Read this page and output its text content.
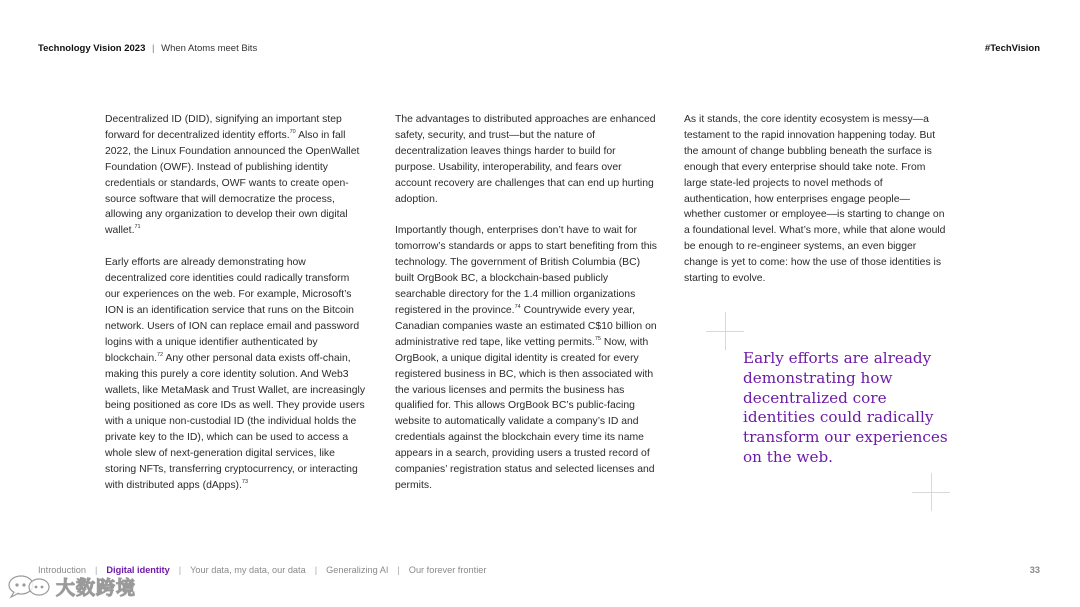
Technology Vision 2023 | When Atoms meet Bits	#TechVision

Decentralized ID (DID), signifying an important step forward for decentralized identity efforts.$^{70}$ Also in fall 2022, the Linux Foundation announced the OpenWallet Foundation (OWF). Instead of publishing identity credentials or standards, OWF wants to create open-source software that will democratize the process, allowing any organization to develop their own digital wallet.$^{71}$

Early efforts are already demonstrating how decentralized core identities could radically transform our experiences on the web. For example, Microsoft’s ION is an identification service that runs on the Bitcoin network. Users of ION can replace email and password logins with a unique identifier authenticated by blockchain.$^{72}$ Any other personal data exists off-chain, making this purely a core identity solution. And Web3 wallets, like MetaMask and Trust Wallet, are increasingly being positioned as core IDs as well. They provide users with a unique non-custodial ID (the individual holds the private key to the ID), which can be used to access a whole slew of next-generation digital services, like storing NFTs, transferring cryptocurrency, or interacting with distributed apps (dApps).$^{73}$

The advantages to distributed approaches are enhanced safety, security, and trust—but the nature of decentralization leaves things harder to build for purpose. Usability, interoperability, and fears over account recovery are challenges that can end up hurting adoption.

Importantly though, enterprises don’t have to wait for tomorrow’s standards or apps to start benefiting from this technology. The government of British Columbia (BC) built OrgBook BC, a blockchain-based publicly searchable directory for the 1.4 million organizations registered in the province.$^{74}$ Countrywide every year, Canadian companies waste an estimated C$10 billion on administrative red tape, like vetting permits.$^{75}$ Now, with OrgBook, a unique digital identity is created for every registered business in BC, which is then associated with the various licenses and permits the business has qualified for. This allows OrgBook BC’s public-facing website to automatically validate a company’s ID and credentials against the blockchain every time its name appears in a search, providing users a trusted record of companies’ registration status and selected licenses and permits.

As it stands, the core identity ecosystem is messy—a testament to the rapid innovation happening today. But the amount of change bubbling beneath the surface is enough that every enterprise should take note. From large state-led projects to novel methods of authentication, how enterprises engage people—whether customer or employee—is starting to change on a foundational level. What’s more, while that alone would be enough to re-engineer systems, an even bigger change is yet to come: how the use of those identities is starting to evolve.

Early efforts are already demonstrating how decentralized core identities could radically transform our experiences on the web.
Introduction | Digital identity | Your data, my data, our data | Generalizing AI | Our forever frontier	33
大数跨境
